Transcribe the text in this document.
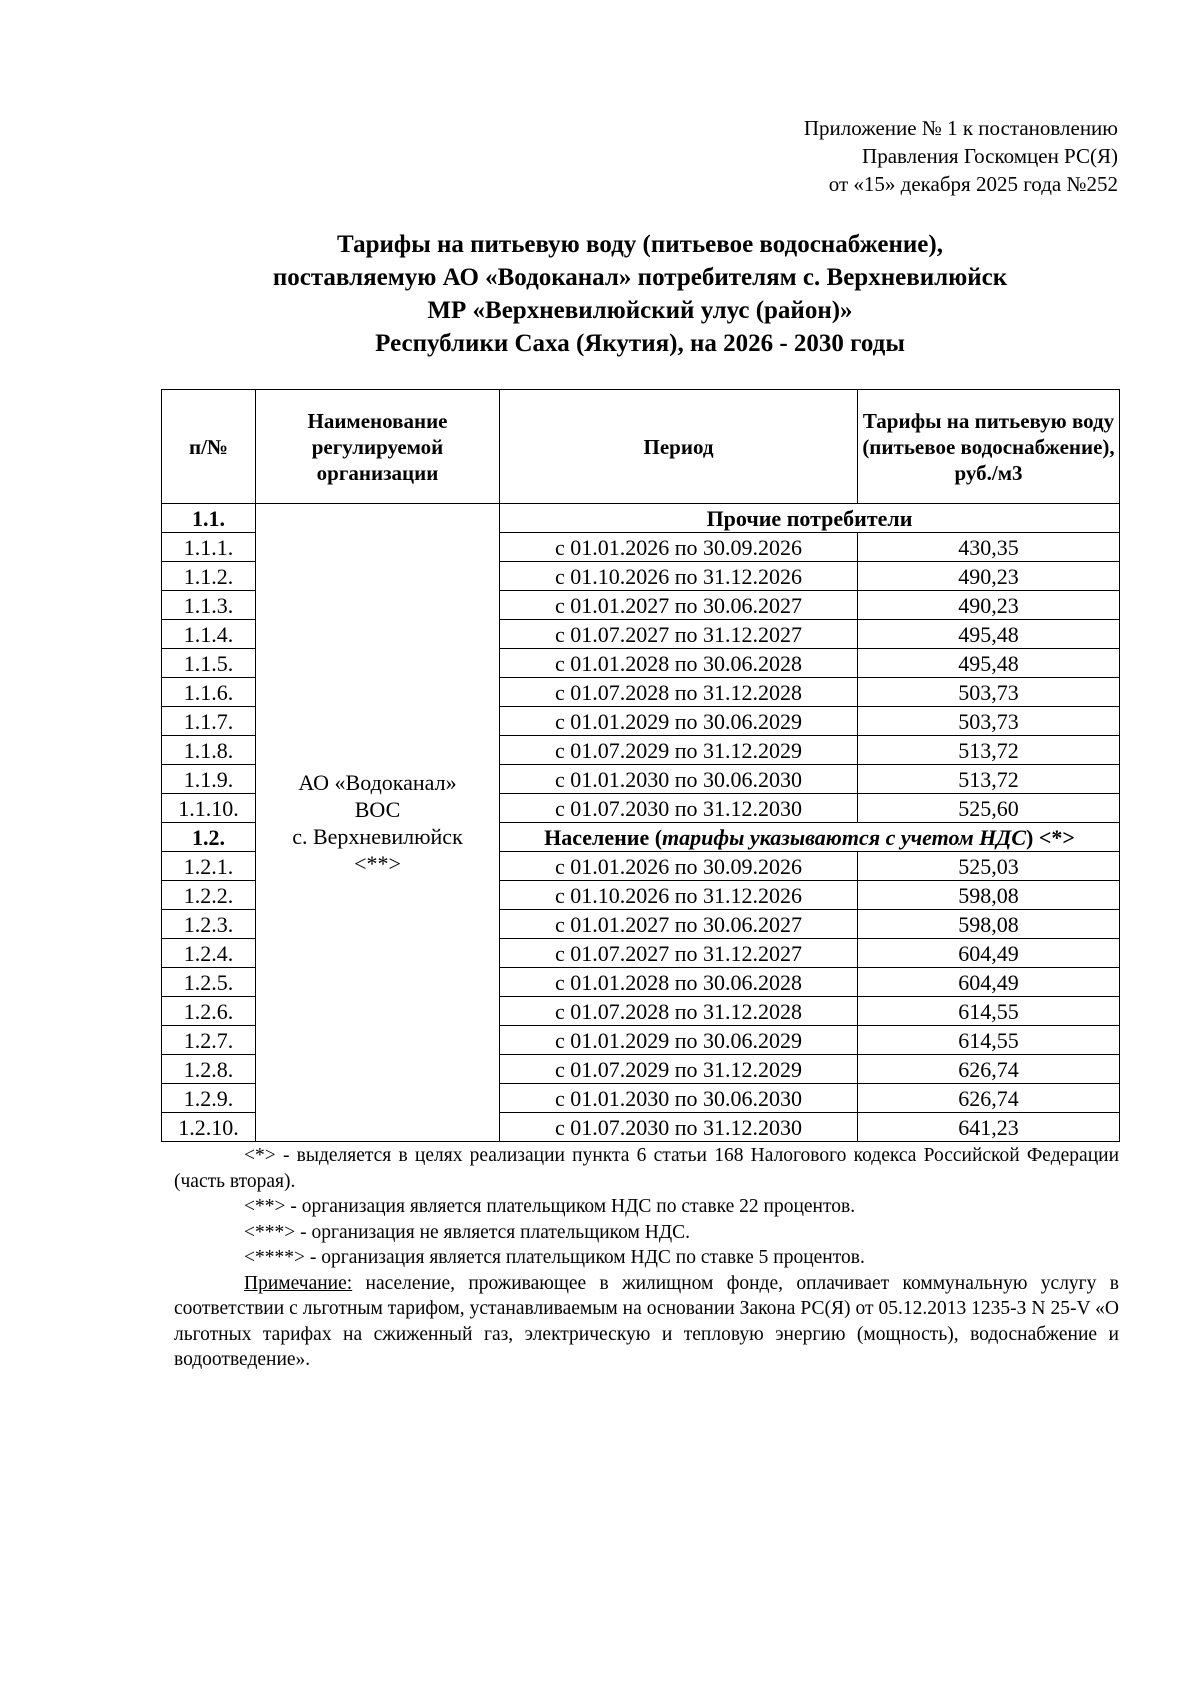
Приложение № 1 к постановлению
Правления Госкомцен РС(Я)
от «15» декабря 2025 года №252
Тарифы на питьевую воду (питьевое водоснабжение),
поставляемую АО «Водоканал» потребителям с. Верхневилюйск
МР «Верхневилюйский улус (район)»
Республики Саха (Якутия), на 2026 - 2030 годы
п/№	Наименование регулируемой организации	Период	Тарифы на питьевую воду (питьевое водоснабжение), руб./м3
1.1.	АО «Водоканал»
ВОС
с. Верхневилюйск
<**>	Прочие потребители	
1.1.1.		с 01.01.2026 по 30.09.2026	430,35
1.1.2.		с 01.10.2026 по 31.12.2026	490,23
1.1.3.		с 01.01.2027 по 30.06.2027	490,23
1.1.4.		с 01.07.2027 по 31.12.2027	495,48
1.1.5.		с 01.01.2028 по 30.06.2028	495,48
1.1.6.		с 01.07.2028 по 31.12.2028	503,73
1.1.7.		с 01.01.2029 по 30.06.2029	503,73
1.1.8.		с 01.07.2029 по 31.12.2029	513,72
1.1.9.		с 01.01.2030 по 30.06.2030	513,72
1.1.10.		с 01.07.2030 по 31.12.2030	525,60
1.2.		Население (тарифы указываются с учетом НДС) <*>	
1.2.1.		с 01.01.2026 по 30.09.2026	525,03
1.2.2.		с 01.10.2026 по 31.12.2026	598,08
1.2.3.		с 01.01.2027 по 30.06.2027	598,08
1.2.4.		с 01.07.2027 по 31.12.2027	604,49
1.2.5.		с 01.01.2028 по 30.06.2028	604,49
1.2.6.		с 01.07.2028 по 31.12.2028	614,55
1.2.7.		с 01.01.2029 по 30.06.2029	614,55
1.2.8.		с 01.07.2029 по 31.12.2029	626,74
1.2.9.		с 01.01.2030 по 30.06.2030	626,74
1.2.10.		с 01.07.2030 по 31.12.2030	641,23

<*> - выделяется в целях реализации пункта 6 статьи 168 Налогового кодекса Российской Федерации (часть вторая).

<**> - организация является плательщиком НДС по ставке 22 процентов.

<***> - организация не является плательщиком НДС.

<****> - организация является плательщиком НДС по ставке 5 процентов.

Примечание: население, проживающее в жилищном фонде, оплачивает коммунальную услугу в соответствии с льготным тарифом, устанавливаемым на основании Закона РС(Я) от 05.12.2013 1235-З N 25-V «О льготных тарифах на сжиженный газ, электрическую и тепловую энергию (мощность), водоснабжение и водоотведение».
